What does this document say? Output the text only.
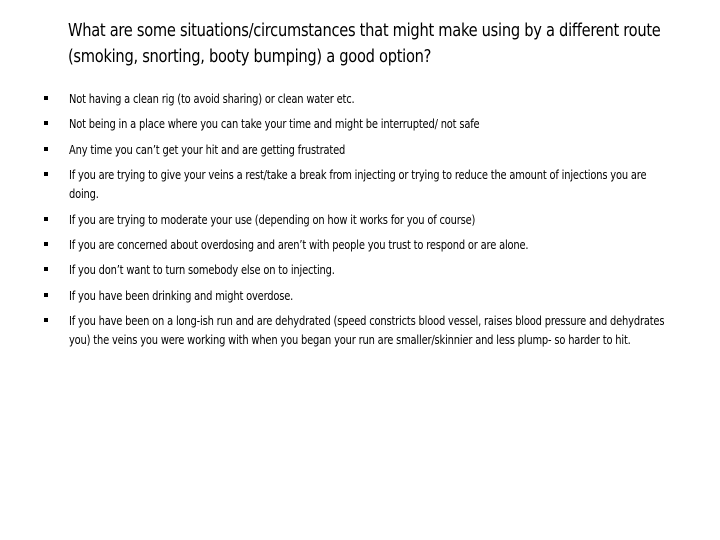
What are some situations/circumstances that might make using by a different route (smoking, snorting, booty bumping) a good option?
Not having a clean rig (to avoid sharing) or clean water etc.
Not being in a place where you can take your time and might be interrupted/ not safe
Any time you can’t get your hit and are getting frustrated
If you are trying to give your veins a rest/take a break from injecting or trying to reduce the amount of injections you are doing.
If you are trying to moderate your use (depending on how it works for you of course)
If you are concerned about overdosing and aren’t with people you trust to respond or are alone.
If you don’t want to turn somebody else on to injecting.
If you have been drinking and might overdose.
If you have been on a long-ish run and are dehydrated (speed constricts blood vessel, raises blood pressure and dehydrates you) the veins you were working with when you began your run are smaller/skinnier and less plump- so harder to hit.
